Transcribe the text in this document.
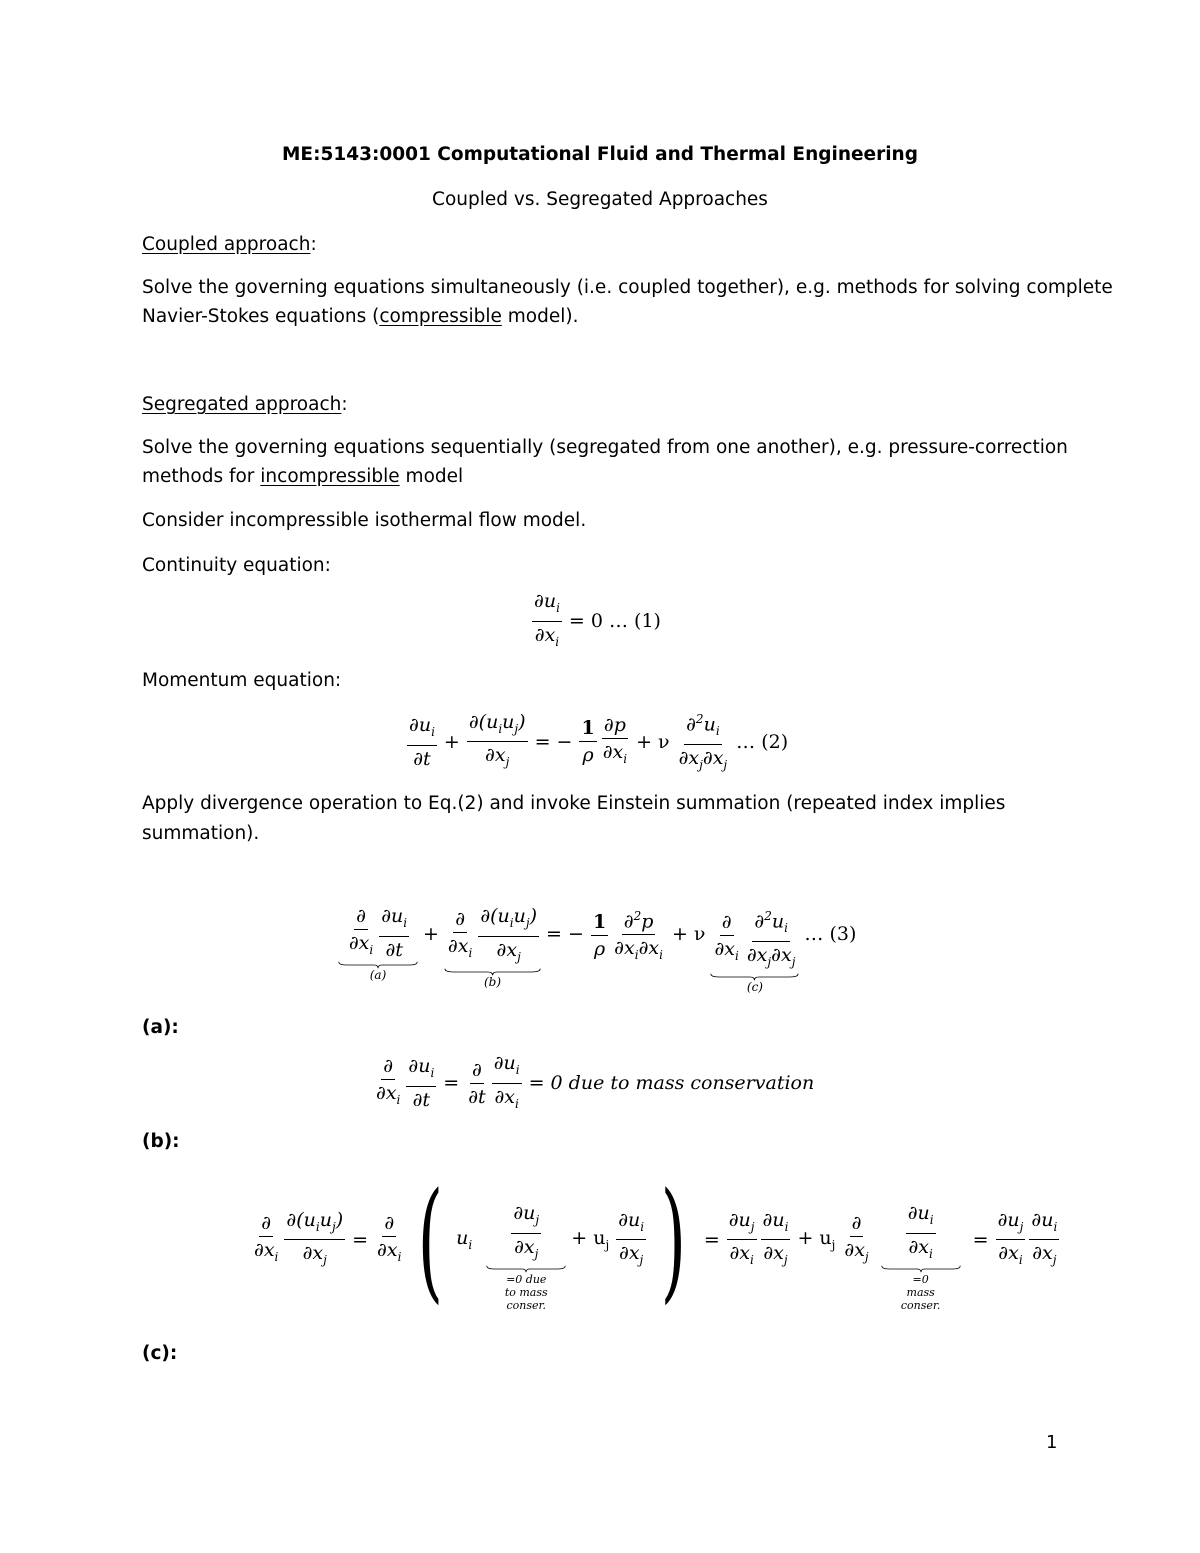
ME:5143:0001 Computational Fluid and Thermal Engineering
Coupled vs. Segregated Approaches
Coupled approach:
Solve the governing equations simultaneously (i.e. coupled together), e.g. methods for solving complete
Navier-Stokes equations (compressible model).
Segregated approach:
Solve the governing equations sequentially (segregated from one another), e.g. pressure-correction
methods for incompressible model
Consider incompressible isothermal flow model.
Continuity equation:
$\frac{\partial u_i}{\partial x_i} = 0$ … (1)
Momentum equation:
$\frac{\partial u_i}{\partial t} + \frac{\partial(u_iu_j)}{\partial x_j}$ = − $\frac{1}{\rho} \frac{\partial p}{\partial x_i} + \nu \frac{\partial^2u_i}{\partial x_j\partial x_j}$ … (2)
Apply divergence operation to Eq.(2) and invoke Einstein summation (repeated index implies
summation).
$\frac{\partial}{\partial x_i} \frac{\partial u_i}{\partial t}$
(a)
+ $\frac{\partial}{\partial x_i} \frac{\partial(u_iu_j)}{\partial x_j}$
(b)
= − $\frac{1}{\rho} \frac{\partial^2p}{\partial x_i\partial x_i} + \nu \frac{\partial}{\partial x_i} \frac{\partial^2u_i}{\partial x_j\partial x_j}$
(c)
… (3)
(a):
$\frac{\partial}{\partial x_i} \frac{\partial u_i}{\partial t} = \frac{\partial}{\partial t} \frac{\partial u_i}{\partial x_i} = 0$ due to mass conservation
(b):
$\frac{\partial}{\partial x_i} \frac{\partial(u_iu_j)}{\partial x_j} = \frac{\partial}{\partial x_i}$ ( $u_i \frac{\partial u_j}{\partial x_j}$
=0 due
to mass
conser.
+ $u_j \frac{\partial u_i}{\partial x_j}$ ) = $\frac{\partial u_j}{\partial x_i} \frac{\partial u_i}{\partial x_j} + u_j \frac{\partial}{\partial x_j} \frac{\partial u_i}{\partial x_i}$
=0
mass
conser.
= $\frac{\partial u_j}{\partial x_i} \frac{\partial u_i}{\partial x_j}$
(c):
1
